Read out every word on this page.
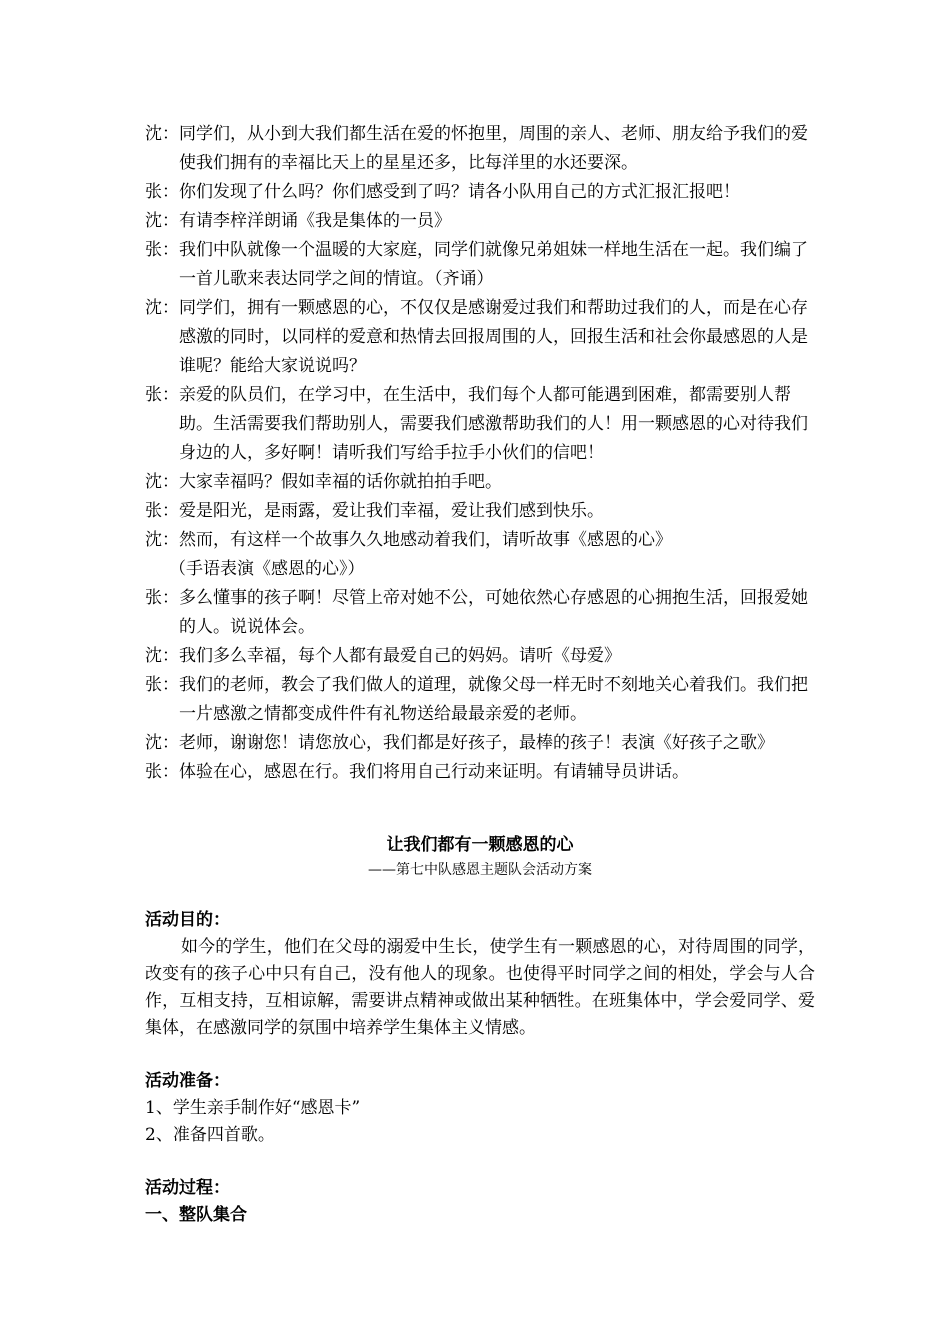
沈： 同学们，从小到大我们都生活在爱的怀抱里，周围的亲人、老师、朋友给予我们的爱使我们拥有的幸福比天上的星星还多，比每洋里的水还要深。
张： 你们发现了什么吗？你们感受到了吗？请各小队用自己的方式汇报汇报吧！
沈： 有请李梓洋朗诵《我是集体的一员》
张： 我们中队就像一个温暖的大家庭，同学们就像兄弟姐妹一样地生活在一起。我们编了一首儿歌来表达同学之间的情谊。（齐诵）
沈： 同学们，拥有一颗感恩的心，不仅仅是感谢爱过我们和帮助过我们的人，而是在心存感激的同时，以同样的爱意和热情去回报周围的人，回报生活和社会你最感恩的人是谁呢？能给大家说说吗？
张： 亲爱的队员们，在学习中，在生活中，我们每个人都可能遇到困难，都需要别人帮助。生活需要我们帮助别人，需要我们感激帮助我们的人！用一颗感恩的心对待我们身边的人，多好啊！请听我们写给手拉手小伙们的信吧！
沈： 大家幸福吗？假如幸福的话你就拍拍手吧。
张： 爱是阳光，是雨露，爱让我们幸福，爱让我们感到快乐。
沈： 然而，有这样一个故事久久地感动着我们，请听故事《感恩的心》
（手语表演《感恩的心》）
张： 多么懂事的孩子啊！尽管上帝对她不公，可她依然心存感恩的心拥抱生活，回报爱她的人。说说体会。
沈： 我们多么幸福，每个人都有最爱自己的妈妈。请听《母爱》
张： 我们的老师，教会了我们做人的道理，就像父母一样无时不刻地关心着我们。我们把一片感激之情都变成件件有礼物送给最最亲爱的老师。
沈： 老师，谢谢您！请您放心，我们都是好孩子，最棒的孩子！表演《好孩子之歌》
张： 体验在心，感恩在行。我们将用自己行动来证明。有请辅导员讲话。
让我们都有一颗感恩的心
——第七中队感恩主题队会活动方案
活动目的：
如今的学生，他们在父母的溺爱中生长，使学生有一颗感恩的心，对待周围的同学，改变有的孩子心中只有自己，没有他人的现象。也使得平时同学之间的相处，学会与人合作，互相支持，互相谅解，需要讲点精神或做出某种牺牲。在班集体中，学会爱同学、爱集体，在感激同学的氛围中培养学生集体主义情感。
活动准备：
1、学生亲手制作好“感恩卡”
2、准备四首歌。
活动过程：
一、整队集合
